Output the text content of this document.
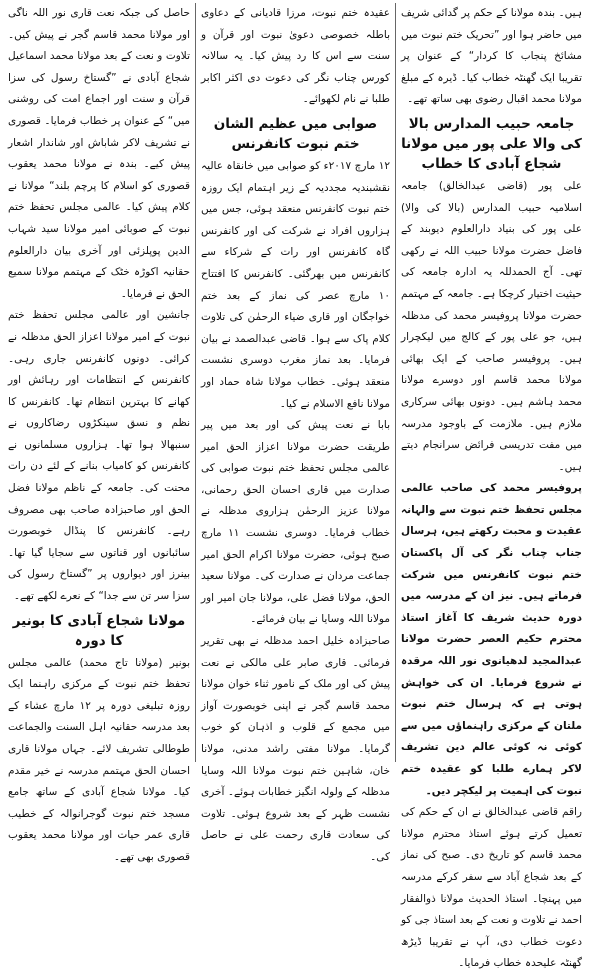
ہیں۔ بندہ مولانا کے حکم پر گدائی شریف میں حاضر ہوا اور ”تحریک ختم نبوت میں مشائخ پنجاب کا کردار“ کے عنوان پر تقریبا ایک گھنٹہ خطاب کیا۔ ڈیرہ کے مبلغ مولانا محمد اقبال رضوی بھی ساتھ تھے۔

جامعہ حبیب المدارس بالا کی والا علی پور میں مولانا شجاع آبادی کا خطاب

علی پور (قاضی عبدالخالق) جامعہ اسلامیہ حبیب المدارس (بالا کی والا) علی پور کی بنیاد دارالعلوم دیوبند کے فاضل حضرت مولانا حبیب اللہ نے رکھی تھی۔ آج الحمدللہ یہ ادارہ جامعہ کی حیثیت اختیار کرچکا ہے۔ جامعہ کے مہتمم حضرت مولانا پروفیسر محمد کی مدظلہ ہیں، جو علی پور کے کالج میں لیکچرار ہیں۔ پروفیسر صاحب کے ایک بھائی مولانا محمد قاسم اور دوسرے مولانا محمد ہاشم ہیں۔ دونوں بھائی سرکاری ملازم ہیں۔ ملازمت کے باوجود مدرسہ میں مفت تدریسی فرائض سرانجام دیتے ہیں۔

پروفیسر محمد کی صاحب عالمی مجلس تحفظ ختم نبوت سے والہانہ عقیدت و محبت رکھتے ہیں، ہرسال جناب چناب نگر کی آل پاکستان ختم نبوت کانفرنس میں شرکت فرماتے ہیں۔ نیز ان کے مدرسہ میں دورہ حدیث شریف کا آغاز استاذ محترم حکیم العصر حضرت مولانا عبدالمجید لدھیانوی نور اللہ مرقدہ نے شروع فرمایا۔ ان کی خواہش ہوتی ہے کہ ہرسال ختم نبوت ملتان کے مرکزی راہنماؤں میں سے کوئی نہ کوئی عالم دین تشریف لاکر ہمارے طلبا کو عقیدہ ختم نبوت کی اہمیت پر لیکچر دیں۔

راقم قاضی عبدالخالق نے ان کے حکم کی تعمیل کرتے ہوئے استاذ محترم مولانا محمد قاسم کو تاریخ دی۔ صبح کی نماز کے بعد شجاع آباد سے سفر کرکے مدرسہ میں پہنچا۔ استاذ الحدیث مولانا ذوالفقار احمد نے تلاوت و نعت کے بعد استاذ جی کو دعوت خطاب دی، آپ نے تقریبا ڈیڑھ گھنٹہ علیحدہ خطاب فرمایا۔

عقیدہ ختم نبوت، مرزا قادیانی کے دعاوی باطلہ خصوصی دعویٰ نبوت اور قرآن و سنت سے اس کا رد پیش کیا۔ یہ سالانہ کورس چناب نگر کی دعوت دی اکثر اکابر طلبا نے نام لکھوائے۔

صوابی میں عظیم الشان ختم نبوت کانفرنس

۱۲ مارچ ۲۰۱۷ء کو صوابی میں خانقاہ عالیہ نقشبندیہ مجددیہ کے زیر اہتمام ایک روزہ ختم نبوت کانفرنس منعقد ہوئی، جس میں ہزاروں افراد نے شرکت کی اور کانفرنس گاہ کانفرنس اور رات کے شرکاء سے کانفرنس میں بھرگئی۔ کانفرنس کا افتتاح ۱۰ مارچ عصر کی نماز کے بعد ختم خواجگان اور قاری ضیاء الرحمٰن کی تلاوت کلام پاک سے ہوا۔ قاضی عبدالصمد نے بیان فرمایا۔ بعد نماز مغرب دوسری نشست منعقد ہوئی۔ خطاب مولانا شاہ حماد اور مولانا نافع الاسلام نے کیا۔

بابا نے نعت پیش کی اور بعد میں پیر طریقت حضرت مولانا اعزاز الحق امیر عالمی مجلس تحفظ ختم نبوت صوابی کی صدارت میں قاری احسان الحق رحمانی، مولانا عزیز الرحمٰن ہزاروی مدظلہ نے خطاب فرمایا۔ دوسری نشست ۱۱ مارچ صبح ہوئی، حضرت مولانا اکرام الحق امیر جماعت مردان نے صدارت کی۔ مولانا سعید الحق، مولانا فضل علی، مولانا جان امیر اور مولانا اللہ وسایا نے بیان فرمائے۔

صاحبزادہ خلیل احمد مدظلہ نے بھی تقریر فرمائی۔ قاری صابر علی مالکی نے نعت پیش کی اور ملک کے نامور ثناء خوان مولانا محمد قاسم گجر نے اپنی خوبصورت آواز میں مجمع کے قلوب و اذہان کو خوب گرمایا۔ مولانا مفتی راشد مدنی، مولانا خان، شاہین ختم نبوت مولانا اللہ وسایا مدظلہ کے ولولہ انگیز خطابات ہوئے۔ آخری نشست ظہر کے بعد شروع ہوئی۔ تلاوت کی سعادت قاری رحمت علی نے حاصل کی۔

حاصل کی جبکہ نعت قاری نور اللہ ناگی اور مولانا محمد قاسم گجر نے پیش کیں۔ تلاوت و نعت کے بعد مولانا محمد اسماعیل شجاع آبادی نے ”گستاخ رسول کی سزا قرآن و سنت اور اجماع امت کی روشنی میں“ کے عنوان پر خطاب فرمایا۔ قصوری نے تشریف لاکر شاباش اور شاندار اشعار پیش کیے۔ بندہ نے مولانا محمد یعقوب قصوری کو اسلام کا پرچم بلند“ مولانا نے کلام پیش کیا۔ عالمی مجلس تحفظ ختم نبوت کے صوبائی امیر مولانا سید شہاب الدین پوپلزئی اور آخری بیان دارالعلوم حقانیہ اکوڑہ خٹک کے مہتمم مولانا سمیع الحق نے فرمایا۔

جانشین اور عالمی مجلس تحفظ ختم نبوت کے امیر مولانا اعزاز الحق مدظلہ نے کرائی۔ دونوں کانفرنس جاری رہی۔ کانفرنس کے انتظامات اور رہائش اور کھانے کا بہترین انتظام تھا۔ کانفرنس کا نظم و نسق سینکڑوں رضاکاروں نے سنبھالا ہوا تھا۔ ہزاروں مسلمانوں نے کانفرنس کو کامیاب بنانے کے لئے دن رات محنت کی۔ جامعہ کے ناظم مولانا فضل الحق اور صاحبزادہ صاحب بھی مصروف رہے۔ کانفرنس کا پنڈال خوبصورت سائبانوں اور قناتوں سے سجایا گیا تھا۔ بینرز اور دیواروں پر ”گستاخ رسول کی سزا سر تن سے جدا“ کے نعرے لکھے تھے۔

مولانا شجاع آبادی کا بونیر کا دورہ

بونیر (مولانا تاج محمد) عالمی مجلس تحفظ ختم نبوت کے مرکزی راہنما ایک روزہ تبلیغی دورہ پر ۱۲ مارچ عشاء کے بعد مدرسہ حقانیہ اہل السنت والجماعت طوطالی تشریف لائے۔ جہاں مولانا قاری احسان الحق مہتمم مدرسہ نے خیر مقدم کیا۔ مولانا شجاع آبادی کے ساتھ جامع مسجد ختم نبوت گوجرانوالہ کے خطیب قاری عمر حیات اور مولانا محمد یعقوب قصوری بھی تھے۔
